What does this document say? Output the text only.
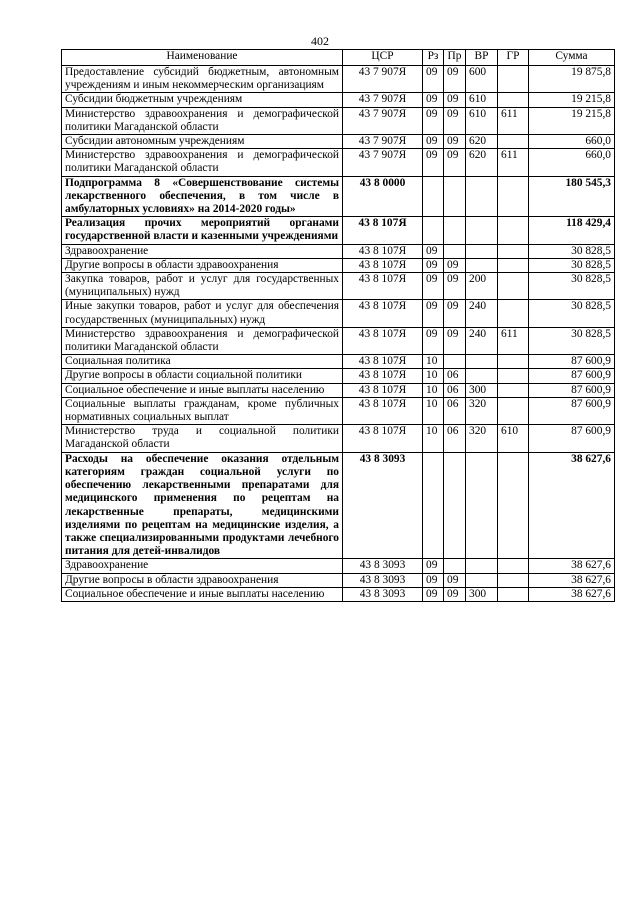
402
Наименование	ЦСР	Рз	Пр	ВР	ГР	Сумма
Предоставление субсидий бюджетным, автономным учреждениям и иным некоммерческим организациям	43 7 907Я	09	09	600		19 875,8
Субсидии бюджетным учреждениям	43 7 907Я	09	09	610		19 215,8
Министерство здравоохранения и демографической политики Магаданской области	43 7 907Я	09	09	610	611	19 215,8
Субсидии автономным учреждениям	43 7 907Я	09	09	620		660,0
Министерство здравоохранения и демографической политики Магаданской области	43 7 907Я	09	09	620	611	660,0
Подпрограмма 8 «Совершенствование системы лекарственного обеспечения, в том числе в амбулаторных условиях» на 2014-2020 годы»	43 8 0000					180 545,3
Реализация прочих мероприятий органами государственной власти и казенными учреждениями	43 8 107Я					118 429,4
Здравоохранение	43 8 107Я	09				30 828,5
Другие вопросы в области здравоохранения	43 8 107Я	09	09			30 828,5
Закупка товаров, работ и услуг для государственных (муниципальных) нужд	43 8 107Я	09	09	200		30 828,5
Иные закупки товаров, работ и услуг для обеспечения государственных (муниципальных) нужд	43 8 107Я	09	09	240		30 828,5
Министерство здравоохранения и демографической политики Магаданской области	43 8 107Я	09	09	240	611	30 828,5
Социальная политика	43 8 107Я	10				87 600,9
Другие вопросы в области социальной политики	43 8 107Я	10	06			87 600,9
Социальное обеспечение и иные выплаты населению	43 8 107Я	10	06	300		87 600,9
Социальные выплаты гражданам, кроме публичных нормативных социальных выплат	43 8 107Я	10	06	320		87 600,9
Министерство труда и социальной политики Магаданской области	43 8 107Я	10	06	320	610	87 600,9
Расходы на обеспечение оказания отдельным категориям граждан социальной услуги по обеспечению лекарственными препаратами для медицинского применения по рецептам на лекарственные препараты, медицинскими изделиями по рецептам на медицинские изделия, а также специализированными продуктами лечебного питания для детей-инвалидов	43 8 3093					38 627,6
Здравоохранение	43 8 3093	09				38 627,6
Другие вопросы в области здравоохранения	43 8 3093	09	09			38 627,6
Социальное обеспечение и иные выплаты населению	43 8 3093	09	09	300		38 627,6
